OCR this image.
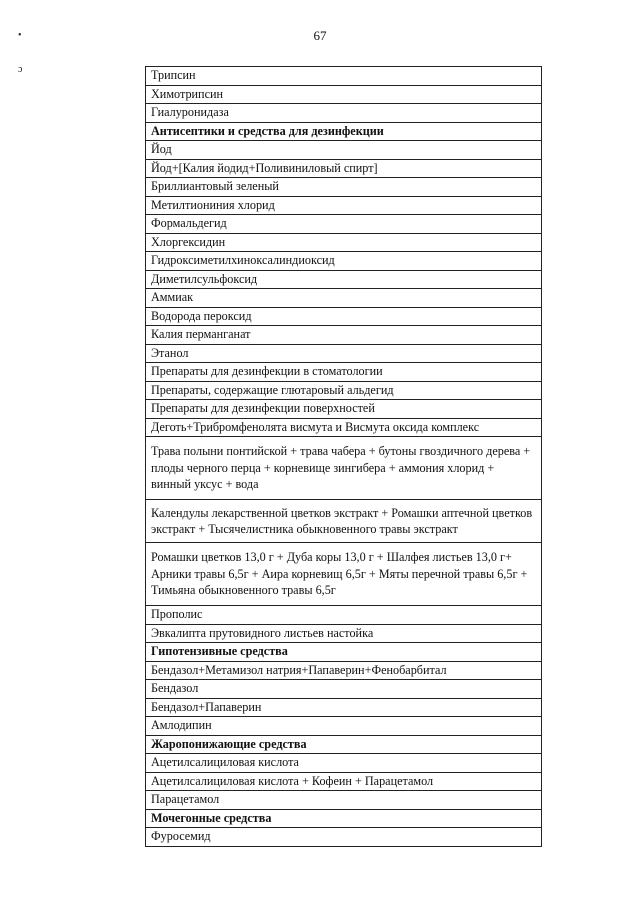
67
•
ɔ	Трипсин
Химотрипсин
Гиалуронидаза
Антисептики и средства для дезинфекции
Йод
Йод+[Калия йодид+Поливиниловый спирт]
Бриллиантовый зеленый
Метилтиониния хлорид
Формальдегид
Хлоргексидин
Гидроксиметилхиноксалиндиоксид
Диметилсульфоксид
Аммиак
Водорода пероксид
Калия перманганат
Этанол
Препараты для дезинфекции в стоматологии
Препараты, содержащие глютаровый альдегид
Препараты для дезинфекции поверхностей
Деготь+Трибромфенолята висмута и Висмута оксида комплекс
Трава полыни понтийской + трава чабера + бутоны гвоздичного дерева + плоды черного перца + корневище зингибера + аммония хлорид + винный уксус + вода
Календулы лекарственной цветков экстракт + Ромашки аптечной цветков экстракт + Тысячелистника обыкновенного травы экстракт
Ромашки цветков 13,0 г + Дуба коры 13,0 г + Шалфея листьев 13,0 г+ Арники травы 6,5г + Аира корневищ 6,5г + Мяты перечной травы 6,5г + Тимьяна обыкновенного травы 6,5г
Прополис
Эвкалипта прутовидного листьев настойка
Гипотензивные средства
Бендазол+Метамизол натрия+Папаверин+Фенобарбитал
Бендазол
Бендазол+Папаверин
Амлодипин
Жаропонижающие средства
Ацетилсалициловая кислота
Ацетилсалициловая кислота + Кофеин + Парацетамол
Парацетамол
Мочегонные средства
Фуросемид
